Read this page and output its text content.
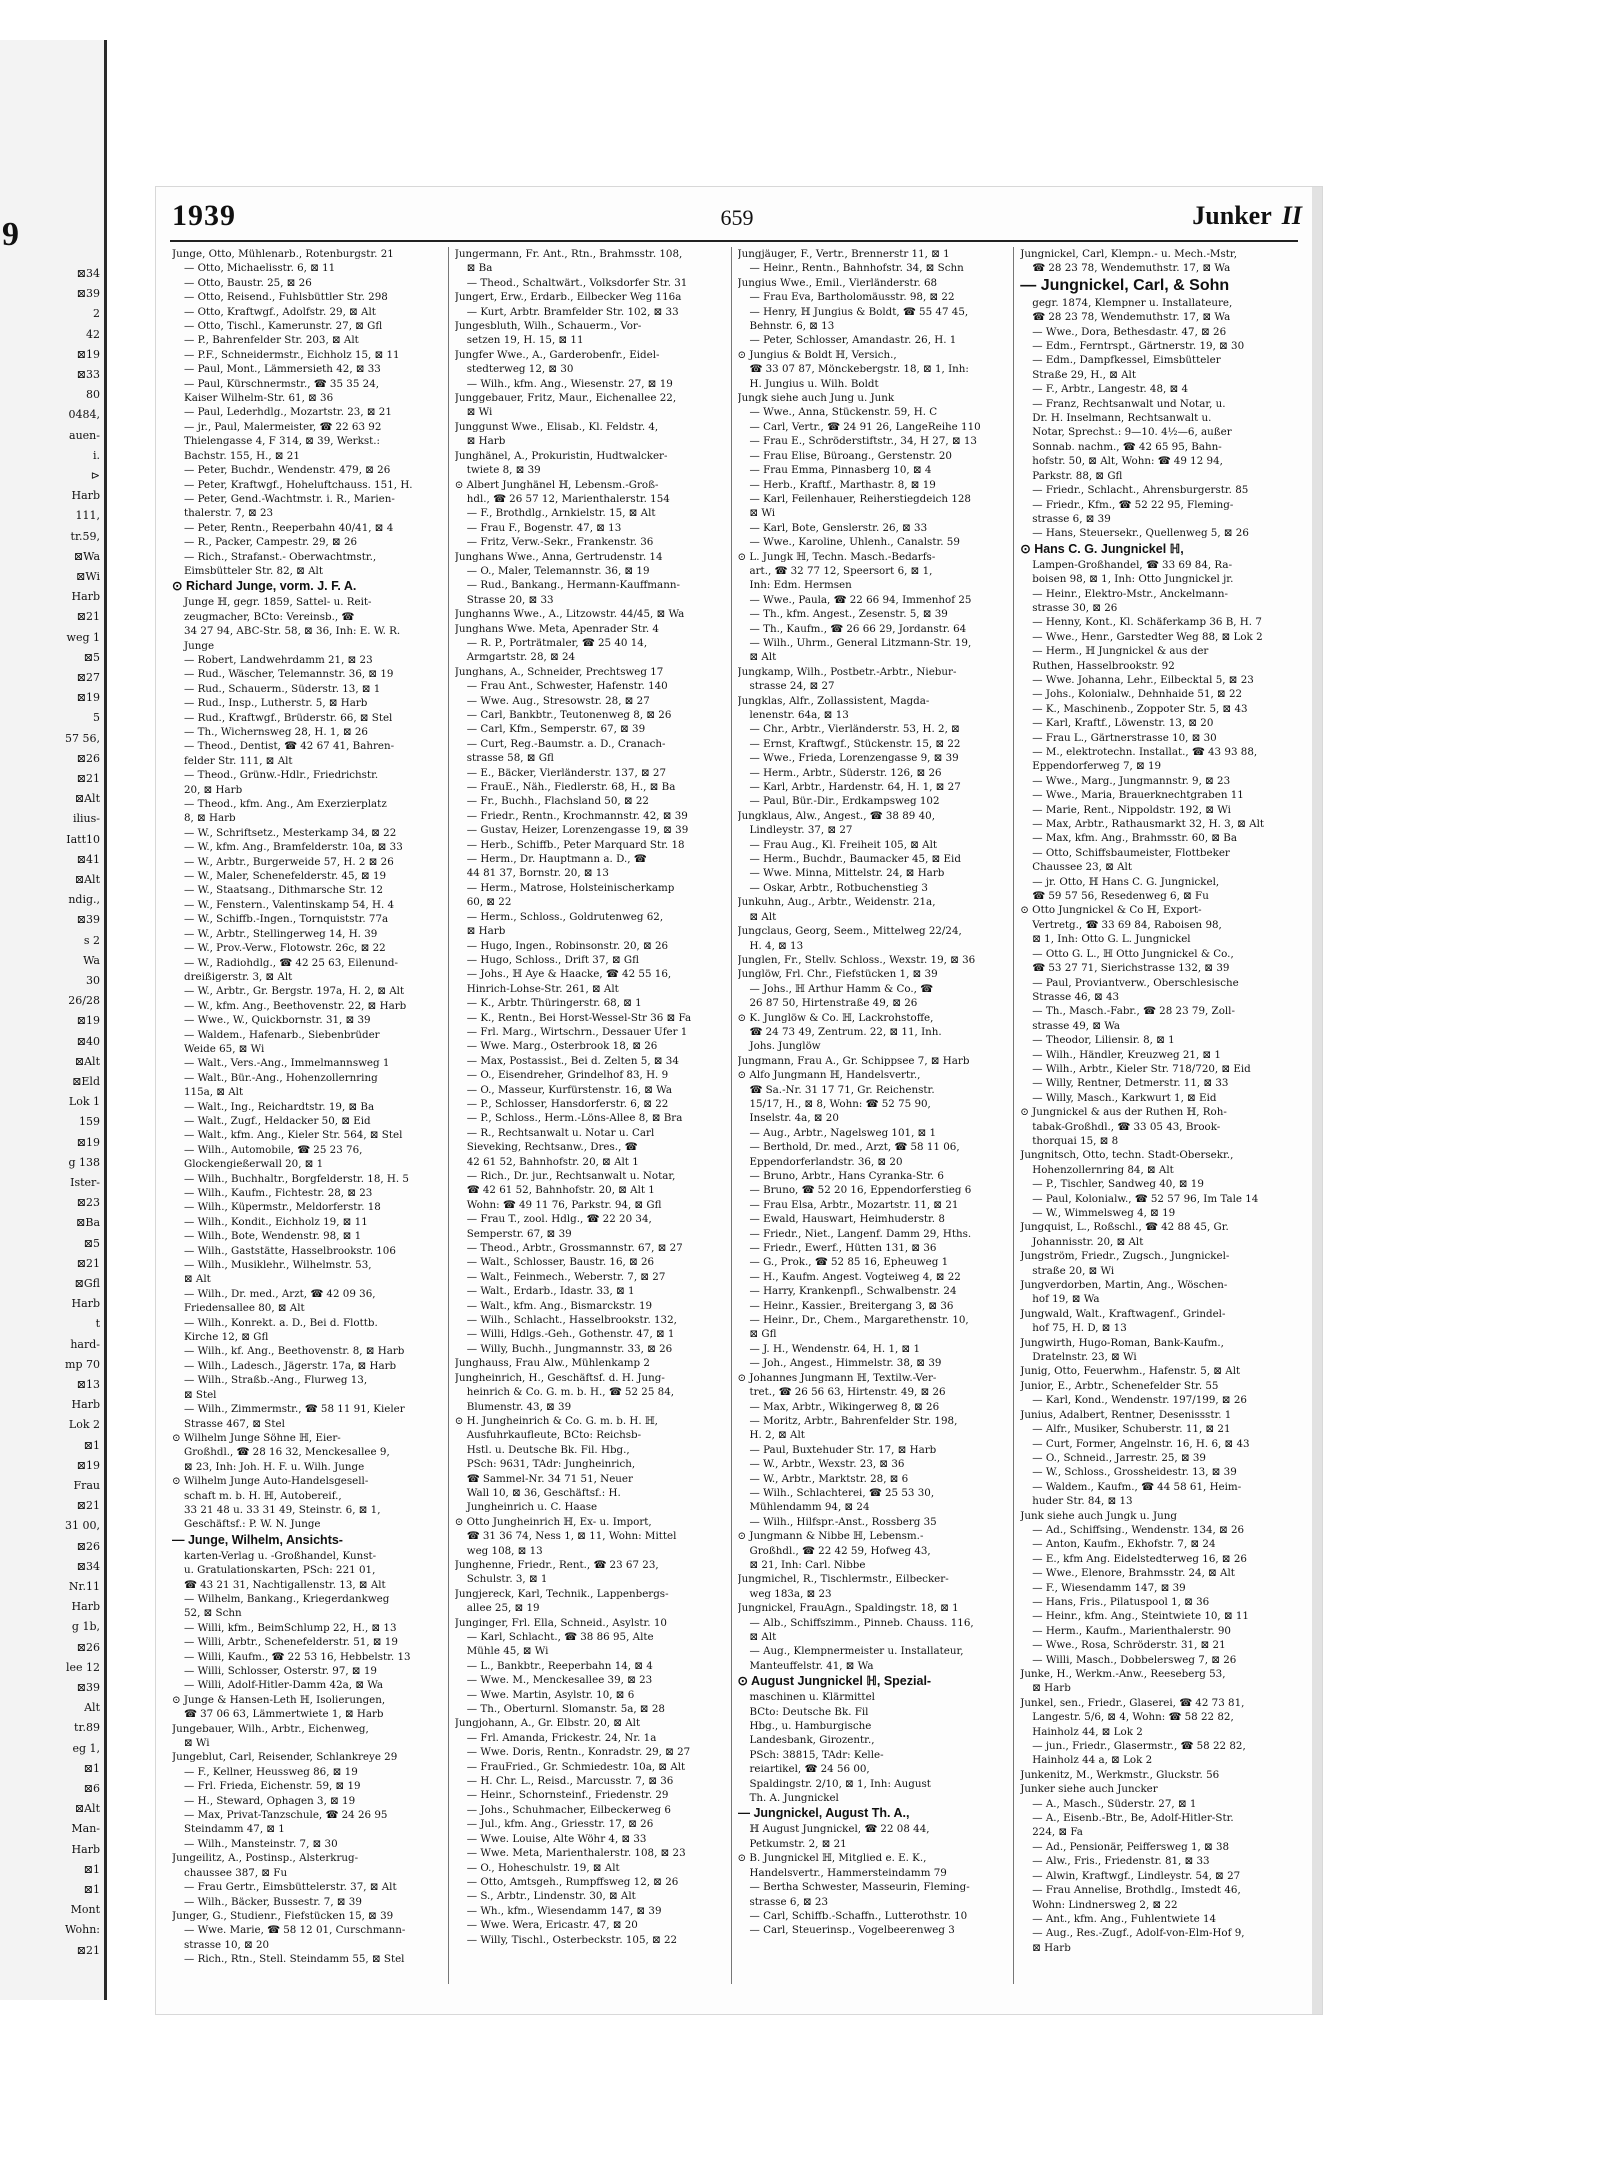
9
⊠34
⊠39
2
42
⊠19
⊠33
80
0484,
auen-
i.
⊳
Harb
111,
tr.59,
⊠Wa
⊠Wi
Harb
⊠21
weg 1
⊠5
⊠27
⊠19
5
57 56,
⊠26
⊠21
⊠Alt
ilius-
Iatt10
⊠41
⊠Alt
ndig.,
⊠39
s 2
Wa
30
26/28
⊠19
⊠40
⊠Alt
⊠Eld
Lok 1
159
⊠19
g 138
Ister-
⊠23
⊠Ba
⊠5
⊠21
⊠Gfl
Harb
t
hard-
mp 70
⊠13
Harb
Lok 2
⊠1
⊠19
Frau
⊠21
31 00,
⊠26
⊠34
Nr.11
Harb
g 1b,
⊠26
lee 12
⊠39
Alt
tr.89
eg 1,
⊠1
⊠6
⊠Alt
Man-
Harb
⊠1
⊠1
Mont
Wohn:
⊠21
1939	659	Junker II
Junge, Otto, Mühlenarb., Rotenburgstr. 21
— Otto, Michaelisstr. 6, ⊠ 11
— Otto, Baustr. 25, ⊠ 26
— Otto, Reisend., Fuhlsbüttler Str. 298
— Otto, Kraftwgf., Adolfstr. 29, ⊠ Alt
— Otto, Tischl., Kamerunstr. 27, ⊠ Gfl
— P., Bahrenfelder Str. 203, ⊠ Alt
— P.F., Schneidermstr., Eichholz 15, ⊠ 11
— Paul, Mont., Lämmersieth 42, ⊠ 33
— Paul, Kürschnermstr., ☎ 35 35 24,
Kaiser Wilhelm-Str. 61, ⊠ 36
— Paul, Lederhdlg., Mozartstr. 23, ⊠ 21
— jr., Paul, Malermeister, ☎ 22 63 92
Thielengasse 4, F 314, ⊠ 39, Werkst.:
Bachstr. 155, H., ⊠ 21
— Peter, Buchdr., Wendenstr. 479, ⊠ 26
— Peter, Kraftwgf., Hoheluftchauss. 151, H.
— Peter, Gend.-Wachtmstr. i. R., Marien-
thalerstr. 7, ⊠ 23
— Peter, Rentn., Reeperbahn 40/41, ⊠ 4
— R., Packer, Campestr. 29, ⊠ 26
— Rich., Strafanst.- Oberwachtmstr.,
Eimsbütteler Str. 82, ⊠ Alt
⊙ Richard Junge, vorm. J. F. A.
Junge ℍ, gegr. 1859, Sattel- u. Reit-
zeugmacher, BCto: Vereinsb., ☎
34 27 94, ABC-Str. 58, ⊠ 36, Inh: E. W. R.
Junge
— Robert, Landwehrdamm 21, ⊠ 23
— Rud., Wäscher, Telemannstr. 36, ⊠ 19
— Rud., Schauerm., Süderstr. 13, ⊠ 1
— Rud., Insp., Lutherstr. 5, ⊠ Harb
— Rud., Kraftwgf., Brüderstr. 66, ⊠ Stel
— Th., Wichernsweg 28, H. 1, ⊠ 26
— Theod., Dentist, ☎ 42 67 41, Bahren-
felder Str. 111, ⊠ Alt
— Theod., Grünw.-Hdlr., Friedrichstr.
20, ⊠ Harb
— Theod., kfm. Ang., Am Exerzierplatz
8, ⊠ Harb
— W., Schriftsetz., Mesterkamp 34, ⊠ 22
— W., kfm. Ang., Bramfelderstr. 10a, ⊠ 33
— W., Arbtr., Burgerweide 57, H. 2 ⊠ 26
— W., Maler, Schenefelderstr. 45, ⊠ 19
— W., Staatsang., Dithmarsche Str. 12
— W., Fenstern., Valentinskamp 54, H. 4
— W., Schiffb.-Ingen., Tornquiststr. 77a
— W., Arbtr., Stellingerweg 14, H. 39
— W., Prov.-Verw., Flotowstr. 26c, ⊠ 22
— W., Radiohdlg., ☎ 42 25 63, Eilenund-
dreißigerstr. 3, ⊠ Alt
— W., Arbtr., Gr. Bergstr. 197a, H. 2, ⊠ Alt
— W., kfm. Ang., Beethovenstr. 22, ⊠ Harb
— Wwe., W., Quickbornstr. 31, ⊠ 39
— Waldem., Hafenarb., Siebenbrüder
Weide 65, ⊠ Wi
— Walt., Vers.-Ang., Immelmannsweg 1
— Walt., Bür.-Ang., Hohenzollernring
115a, ⊠ Alt
— Walt., Ing., Reichardtstr. 19, ⊠ Ba
— Walt., Zugf., Heldacker 50, ⊠ Eid
— Walt., kfm. Ang., Kieler Str. 564, ⊠ Stel
— Wilh., Automobile, ☎ 25 23 76,
Glockengießerwall 20, ⊠ 1
— Wilh., Buchhaltr., Borgfelderstr. 18, H. 5
— Wilh., Kaufm., Fichtestr. 28, ⊠ 23
— Wilh., Küpermstr., Meldorferstr. 18
— Wilh., Kondit., Eichholz 19, ⊠ 11
— Wilh., Bote, Wendenstr. 98, ⊠ 1
— Wilh., Gaststätte, Hasselbrookstr. 106
— Wilh., Musiklehr., Wilhelmstr. 53,
⊠ Alt
— Wilh., Dr. med., Arzt, ☎ 42 09 36,
Friedensallee 80, ⊠ Alt
— Wilh., Konrekt. a. D., Bei d. Flottb.
Kirche 12, ⊠ Gfl
— Wilh., kf. Ang., Beethovenstr. 8, ⊠ Harb
— Wilh., Ladesch., Jägerstr. 17a, ⊠ Harb
— Wilh., Straßb.-Ang., Flurweg 13,
⊠ Stel
— Wilh., Zimmermstr., ☎ 58 11 91, Kieler
Strasse 467, ⊠ Stel
⊙ Wilhelm Junge Söhne ℍ, Eier-
Großhdl., ☎ 28 16 32, Menckesallee 9,
⊠ 23, Inh: Joh. H. F. u. Wilh. Junge
⊙ Wilhelm Junge Auto-Handelsgesell-
schaft m. b. H. ℍ, Autobereif.,
33 21 48 u. 33 31 49, Steinstr. 6, ⊠ 1,
Geschäftsf.: P. W. N. Junge
— Junge, Wilhelm, Ansichts-
karten-Verlag u. -Großhandel, Kunst-
u. Gratulationskarten, PSch: 221 01,
☎ 43 21 31, Nachtigallenstr. 13, ⊠ Alt
— Wilhelm, Bankang., Kriegerdankweg
52, ⊠ Schn
— Willi, kfm., BeimSchlump 22, H., ⊠ 13
— Willi, Arbtr., Schenefelderstr. 51, ⊠ 19
— Willi, Kaufm., ☎ 22 53 16, Hebbelstr. 13
— Willi, Schlosser, Osterstr. 97, ⊠ 19
— Willi, Adolf-Hitler-Damm 42a, ⊠ Wa
⊙ Junge & Hansen-Leth ℍ, Isolierungen,
☎ 37 06 63, Lämmertwiete 1, ⊠ Harb
Jungebauer, Wilh., Arbtr., Eichenweg,
⊠ Wi
Jungeblut, Carl, Reisender, Schlankreye 29
— F., Kellner, Heussweg 86, ⊠ 19
— Frl. Frieda, Eichenstr. 59, ⊠ 19
— H., Steward, Ophagen 3, ⊠ 19
— Max, Privat-Tanzschule, ☎ 24 26 95
Steindamm 47, ⊠ 1
— Wilh., Mansteinstr. 7, ⊠ 30
Jungeilitz, A., Postinsp., Alsterkrug-
chaussee 387, ⊠ Fu
— Frau Gertr., Eimsbüttelerstr. 37, ⊠ Alt
— Wilh., Bäcker, Bussestr. 7, ⊠ 39
Junger, G., Studienr., Fiefstücken 15, ⊠ 39
— Wwe. Marie, ☎ 58 12 01, Curschmann-
strasse 10, ⊠ 20
— Rich., Rtn., Stell. Steindamm 55, ⊠ Stel
Jungermann, Fr. Ant., Rtn., Brahmsstr. 108,
⊠ Ba
— Theod., Schaltwärt., Volksdorfer Str. 31
Jungert, Erw., Erdarb., Eilbecker Weg 116a
— Kurt, Arbtr. Bramfelder Str. 102, ⊠ 33
Jungesbluth, Wilh., Schauerm., Vor-
setzen 19, H. 15, ⊠ 11
Jungfer Wwe., A., Garderobenfr., Eidel-
stedterweg 12, ⊠ 30
— Wilh., kfm. Ang., Wiesenstr. 27, ⊠ 19
Junggebauer, Fritz, Maur., Eichenallee 22,
⊠ Wi
Junggunst Wwe., Elisab., Kl. Feldstr. 4,
⊠ Harb
Junghänel, A., Prokuristin, Hudtwalcker-
twiete 8, ⊠ 39
⊙ Albert Junghänel ℍ, Lebensm.-Groß-
hdl., ☎ 26 57 12, Marienthalerstr. 154
— F., Brothdlg., Arnkielstr. 15, ⊠ Alt
— Frau F., Bogenstr. 47, ⊠ 13
— Fritz, Verw.-Sekr., Frankenstr. 36
Junghans Wwe., Anna, Gertrudenstr. 14
— O., Maler, Telemannstr. 36, ⊠ 19
— Rud., Bankang., Hermann-Kauffmann-
Strasse 20, ⊠ 33
Junghanns Wwe., A., Litzowstr. 44/45, ⊠ Wa
Junghans Wwe. Meta, Apenrader Str. 4
— R. P., Porträtmaler, ☎ 25 40 14,
Armgartstr. 28, ⊠ 24
Junghans, A., Schneider, Prechtsweg 17
— Frau Ant., Schwester, Hafenstr. 140
— Wwe. Aug., Stresowstr. 28, ⊠ 27
— Carl, Bankbtr., Teutonenweg 8, ⊠ 26
— Carl, Kfm., Semperstr. 67, ⊠ 39
— Curt, Reg.-Baumstr. a. D., Cranach-
strasse 58, ⊠ Gfl
— E., Bäcker, Vierländerstr. 137, ⊠ 27
— FrauE., Näh., Fiedlerstr. 68, H., ⊠ Ba
— Fr., Buchh., Flachsland 50, ⊠ 22
— Friedr., Rentn., Krochmannstr. 42, ⊠ 39
— Gustav, Heizer, Lorenzengasse 19, ⊠ 39
— Herb., Schiffb., Peter Marquard Str. 18
— Herm., Dr. Hauptmann a. D., ☎
44 81 37, Bornstr. 20, ⊠ 13
— Herm., Matrose, Holsteinischerkamp
60, ⊠ 22
— Herm., Schloss., Goldrutenweg 62,
⊠ Harb
— Hugo, Ingen., Robinsonstr. 20, ⊠ 26
— Hugo, Schloss., Drift 37, ⊠ Gfl
— Johs., ℍ Aye & Haacke, ☎ 42 55 16,
Hinrich-Lohse-Str. 261, ⊠ Alt
— K., Arbtr. Thüringerstr. 68, ⊠ 1
— K., Rentn., Bei Horst-Wessel-Str 36 ⊠ Fa
— Frl. Marg., Wirtschrn., Dessauer Ufer 1
— Wwe. Marg., Osterbrook 18, ⊠ 26
— Max, Postassist., Bei d. Zelten 5, ⊠ 34
— O., Eisendreher, Grindelhof 83, H. 9
— O., Masseur, Kurfürstenstr. 16, ⊠ Wa
— P., Schlosser, Hansdorferstr. 6, ⊠ 22
— P., Schloss., Herm.-Löns-Allee 8, ⊠ Bra
— R., Rechtsanwalt u. Notar u. Carl
Sieveking, Rechtsanw., Dres., ☎
42 61 52, Bahnhofstr. 20, ⊠ Alt 1
— Rich., Dr. jur., Rechtsanwalt u. Notar,
☎ 42 61 52, Bahnhofstr. 20, ⊠ Alt 1
Wohn: ☎ 49 11 76, Parkstr. 94, ⊠ Gfl
— Frau T., zool. Hdlg., ☎ 22 20 34,
Semperstr. 67, ⊠ 39
— Theod., Arbtr., Grossmannstr. 67, ⊠ 27
— Walt., Schlosser, Baustr. 16, ⊠ 26
— Walt., Feinmech., Weberstr. 7, ⊠ 27
— Walt., Erdarb., Idastr. 33, ⊠ 1
— Walt., kfm. Ang., Bismarckstr. 19
— Wilh., Schlacht., Hasselbrookstr. 132,
— Willi, Hdlgs.-Geh., Gothenstr. 47, ⊠ 1
— Willy, Buchh., Jungmannstr. 33, ⊠ 26
Junghauss, Frau Alw., Mühlenkamp 2
Jungheinrich, H., Geschäftsf. d. H. Jung-
heinrich & Co. G. m. b. H., ☎ 52 25 84,
Blumenstr. 43, ⊠ 39
⊙ H. Jungheinrich & Co. G. m. b. H. ℍ,
Ausfuhrkaufleute, BCto: Reichsb-
Hstl. u. Deutsche Bk. Fil. Hbg.,
PSch: 9631, TAdr: Jungheinrich,
☎ Sammel-Nr. 34 71 51, Neuer
Wall 10, ⊠ 36, Geschäftsf.: H.
Jungheinrich u. C. Haase
⊙ Otto Jungheinrich ℍ, Ex- u. Import,
☎ 31 36 74, Ness 1, ⊠ 11, Wohn: Mittel
weg 108, ⊠ 13
Junghenne, Friedr., Rent., ☎ 23 67 23,
Schulstr. 3, ⊠ 1
Jungjereck, Karl, Technik., Lappenbergs-
allee 25, ⊠ 19
Junginger, Frl. Ella, Schneid., Asylstr. 10
— Karl, Schlacht., ☎ 38 86 95, Alte
Mühle 45, ⊠ Wi
— L., Bankbtr., Reeperbahn 14, ⊠ 4
— Wwe. M., Menckesallee 39, ⊠ 23
— Wwe. Martin, Asylstr. 10, ⊠ 6
— Th., Oberturnl. Slomanstr. 5a, ⊠ 28
Jungjohann, A., Gr. Elbstr. 20, ⊠ Alt
— Frl. Amanda, Frickestr. 24, Nr. 1a
— Wwe. Doris, Rentn., Konradstr. 29, ⊠ 27
— FrauFried., Gr. Schmiedestr. 10a, ⊠ Alt
— H. Chr. L., Reisd., Marcusstr. 7, ⊠ 36
— Heinr., Schornsteinf., Friedenstr. 29
— Johs., Schuhmacher, Eilbeckerweg 6
— Jul., kfm. Ang., Griesstr. 17, ⊠ 26
— Wwe. Louise, Alte Wöhr 4, ⊠ 33
— Wwe. Meta, Marienthalerstr. 108, ⊠ 23
— O., Hoheschulstr. 19, ⊠ Alt
— Otto, Amtsgeh., Rumpffsweg 12, ⊠ 26
— S., Arbtr., Lindenstr. 30, ⊠ Alt
— Wh., kfm., Wiesendamm 147, ⊠ 39
— Wwe. Wera, Ericastr. 47, ⊠ 20
— Willy, Tischl., Osterbeckstr. 105, ⊠ 22
Jungjäuger, F., Vertr., Brennerstr 11, ⊠ 1
— Heinr., Rentn., Bahnhofstr. 34, ⊠ Schn
Jungius Wwe., Emil., Vierländerstr. 68
— Frau Eva, Bartholomäusstr. 98, ⊠ 22
— Henry, ℍ Jungius & Boldt, ☎ 55 47 45,
Behnstr. 6, ⊠ 13
— Peter, Schlosser, Amandastr. 26, H. 1
⊙ Jungius & Boldt ℍ, Versich.,
☎ 33 07 87, Mönckebergstr. 18, ⊠ 1, Inh:
H. Jungius u. Wilh. Boldt
Jungk siehe auch Jung u. Junk
— Wwe., Anna, Stückenstr. 59, H. C
— Carl, Vertr., ☎ 24 91 26, LangeReihe 110
— Frau E., Schröderstiftstr., 34, H 27, ⊠ 13
— Frau Elise, Büroang., Gerstenstr. 20
— Frau Emma, Pinnasberg 10, ⊠ 4
— Herb., Kraftf., Marthastr. 8, ⊠ 19
— Karl, Feilenhauer, Reiherstiegdeich 128
⊠ Wi
— Karl, Bote, Genslerstr. 26, ⊠ 33
— Wwe., Karoline, Uhlenh., Canalstr. 59
⊙ L. Jungk ℍ, Techn. Masch.-Bedarfs-
art., ☎ 32 77 12, Speersort 6, ⊠ 1,
Inh: Edm. Hermsen
— Wwe., Paula, ☎ 22 66 94, Immenhof 25
— Th., kfm. Angest., Zesenstr. 5, ⊠ 39
— Th., Kaufm., ☎ 26 66 29, Jordanstr. 64
— Wilh., Uhrm., General Litzmann-Str. 19,
⊠ Alt
Jungkamp, Wilh., Postbetr.-Arbtr., Niebur-
strasse 24, ⊠ 27
Jungklas, Alfr., Zollassistent, Magda-
lenenstr. 64a, ⊠ 13
— Chr., Arbtr., Vierländerstr. 53, H. 2, ⊠
— Ernst, Kraftwgf., Stückenstr. 15, ⊠ 22
— Wwe., Frieda, Lorenzengasse 9, ⊠ 39
— Herm., Arbtr., Süderstr. 126, ⊠ 26
— Karl, Arbtr., Hardenstr. 64, H. 1, ⊠ 27
— Paul, Bür.-Dir., Erdkampsweg 102
Jungklaus, Alw., Angest., ☎ 38 89 40,
Lindleystr. 37, ⊠ 27
— Frau Aug., Kl. Freiheit 105, ⊠ Alt
— Herm., Buchdr., Baumacker 45, ⊠ Eid
— Wwe. Minna, Mittelstr. 24, ⊠ Harb
— Oskar, Arbtr., Rotbuchenstieg 3
Junkuhn, Aug., Arbtr., Weidenstr. 21a,
⊠ Alt
Jungclaus, Georg, Seem., Mittelweg 22/24,
H. 4, ⊠ 13
Junglen, Fr., Stellv. Schloss., Wexstr. 19, ⊠ 36
Junglöw, Frl. Chr., Fiefstücken 1, ⊠ 39
— Johs., ℍ Arthur Hamm & Co., ☎
26 87 50, Hirtenstraße 49, ⊠ 26
⊙ K. Junglöw & Co. ℍ, Lackrohstoffe,
☎ 24 73 49, Zentrum. 22, ⊠ 11, Inh.
Johs. Junglöw
Jungmann, Frau A., Gr. Schippsee 7, ⊠ Harb
⊙ Alfo Jungmann ℍ, Handelsvertr.,
☎ Sa.-Nr. 31 17 71, Gr. Reichenstr.
15/17, H., ⊠ 8, Wohn: ☎ 52 75 90,
Inselstr. 4a, ⊠ 20
— Aug., Arbtr., Nagelsweg 101, ⊠ 1
— Berthold, Dr. med., Arzt, ☎ 58 11 06,
Eppendorferlandstr. 36, ⊠ 20
— Bruno, Arbtr., Hans Cyranka-Str. 6
— Bruno, ☎ 52 20 16, Eppendorferstieg 6
— Frau Elsa, Arbtr., Mozartstr. 11, ⊠ 21
— Ewald, Hauswart, Heimhuderstr. 8
— Friedr., Niet., Langenf. Damm 29, Hths.
— Friedr., Ewerf., Hütten 131, ⊠ 36
— G., Prok., ☎ 52 85 16, Epheuweg 1
— H., Kaufm. Angest. Vogteiweg 4, ⊠ 22
— Harry, Krankenpfl., Schwalbenstr. 24
— Heinr., Kassier., Breitergang 3, ⊠ 36
— Heinr., Dr., Chem., Margarethenstr. 10,
⊠ Gfl
— J. H., Wendenstr. 64, H. 1, ⊠ 1
— Joh., Angest., Himmelstr. 38, ⊠ 39
⊙ Johannes Jungmann ℍ, Textilw.-Ver-
tret., ☎ 26 56 63, Hirtenstr. 49, ⊠ 26
— Max, Arbtr., Wikingerweg 8, ⊠ 26
— Moritz, Arbtr., Bahrenfelder Str. 198,
H. 2, ⊠ Alt
— Paul, Buxtehuder Str. 17, ⊠ Harb
— W., Arbtr., Wexstr. 23, ⊠ 36
— W., Arbtr., Marktstr. 28, ⊠ 6
— Wilh., Schlachterei, ☎ 25 53 30,
Mühlendamm 94, ⊠ 24
— Wilh., Hilfspr.-Anst., Rossberg 35
⊙ Jungmann & Nibbe ℍ, Lebensm.-
Großhdl., ☎ 22 42 59, Hofweg 43,
⊠ 21, Inh: Carl. Nibbe
Jungmichel, R., Tischlermstr., Eilbecker-
weg 183a, ⊠ 23
Jungnickel, FrauAgn., Spaldingstr. 18, ⊠ 1
— Alb., Schiffszimm., Pinneb. Chauss. 116,
⊠ Alt
— Aug., Klempnermeister u. Installateur,
Manteuffelstr. 41, ⊠ Wa
⊙ August Jungnickel ℍ, Spezial-
maschinen u. Klärmittel
BCto: Deutsche Bk. Fil
Hbg., u. Hamburgische
Landesbank, Girozentr.,
PSch: 38815, TAdr: Kelle-
reiartikel, ☎ 24 56 00,
Spaldingstr. 2/10, ⊠ 1, Inh: August
Th. A. Jungnickel
— Jungnickel, August Th. A.,
ℍ August Jungnickel, ☎ 22 08 44,
Petkumstr. 2, ⊠ 21
⊙ B. Jungnickel ℍ, Mitglied e. E. K.,
Handelsvertr., Hammersteindamm 79
— Bertha Schwester, Masseurin, Fleming-
strasse 6, ⊠ 23
— Carl, Schiffb.-Schaffn., Lutterothstr. 10
— Carl, Steuerinsp., Vogelbeerenweg 3
Jungnickel, Carl, Klempn.- u. Mech.-Mstr,
☎ 28 23 78, Wendemuthstr. 17, ⊠ Wa
— Jungnickel, Carl, & Sohn
gegr. 1874, Klempner u. Installateure,
☎ 28 23 78, Wendemuthstr. 17, ⊠ Wa
— Wwe., Dora, Bethesdastr. 47, ⊠ 26
— Edm., Ferntrspt., Gärtnerstr. 19, ⊠ 30
— Edm., Dampfkessel, Eimsbütteler
Straße 29, H., ⊠ Alt
— F., Arbtr., Langestr. 48, ⊠ 4
— Franz, Rechtsanwalt und Notar, u.
Dr. H. Inselmann, Rechtsanwalt u.
Notar, Sprechst.: 9—10. 4½—6, außer
Sonnab. nachm., ☎ 42 65 95, Bahn-
hofstr. 50, ⊠ Alt, Wohn: ☎ 49 12 94,
Parkstr. 88, ⊠ Gfl
— Friedr., Schlacht., Ahrensburgerstr. 85
— Friedr., Kfm., ☎ 52 22 95, Fleming-
strasse 6, ⊠ 39
— Hans, Steuersekr., Quellenweg 5, ⊠ 26
⊙ Hans C. G. Jungnickel ℍ,
Lampen-Großhandel, ☎ 33 69 84, Ra-
boisen 98, ⊠ 1, Inh: Otto Jungnickel jr.
— Heinr., Elektro-Mstr., Anckelmann-
strasse 30, ⊠ 26
— Henny, Kont., Kl. Schäferkamp 36 B, H. 7
— Wwe., Henr., Garstedter Weg 88, ⊠ Lok 2
— Herm., ℍ Jungnickel & aus der
Ruthen, Hasselbrookstr. 92
— Wwe. Johanna, Lehr., Eilbecktal 5, ⊠ 23
— Johs., Kolonialw., Dehnhaide 51, ⊠ 22
— K., Maschinenb., Zoppoter Str. 5, ⊠ 43
— Karl, Kraftf., Löwenstr. 13, ⊠ 20
— Frau L., Gärtnerstrasse 10, ⊠ 30
— M., elektrotechn. Installat., ☎ 43 93 88,
Eppendorferweg 7, ⊠ 19
— Wwe., Marg., Jungmannstr. 9, ⊠ 23
— Wwe., Maria, Brauerknechtgraben 11
— Marie, Rent., Nippoldstr. 192, ⊠ Wi
— Max, Arbtr., Rathausmarkt 32, H. 3, ⊠ Alt
— Max, kfm. Ang., Brahmsstr. 60, ⊠ Ba
— Otto, Schiffsbaumeister, Flottbeker
Chaussee 23, ⊠ Alt
— jr. Otto, ℍ Hans C. G. Jungnickel,
☎ 59 57 56, Resedenweg 6, ⊠ Fu
⊙ Otto Jungnickel & Co ℍ, Export-
Vertretg., ☎ 33 69 84, Raboisen 98,
⊠ 1, Inh: Otto G. L. Jungnickel
— Otto G. L., ℍ Otto Jungnickel & Co.,
☎ 53 27 71, Sierichstrasse 132, ⊠ 39
— Paul, Proviantverw., Oberschlesische
Strasse 46, ⊠ 43
— Th., Masch.-Fabr., ☎ 28 23 79, Zoll-
strasse 49, ⊠ Wa
— Theodor, Liliensir. 8, ⊠ 1
— Wilh., Händler, Kreuzweg 21, ⊠ 1
— Wilh., Arbtr., Kieler Str. 718/720, ⊠ Eid
— Willy, Rentner, Detmerstr. 11, ⊠ 33
— Willy, Masch., Karkwurt 1, ⊠ Eid
⊙ Jungnickel & aus der Ruthen ℍ, Roh-
tabak-Großhdl., ☎ 33 05 43, Brook-
thorquai 15, ⊠ 8
Jungnitsch, Otto, techn. Stadt-Obersekr.,
Hohenzollernring 84, ⊠ Alt
— P., Tischler, Sandweg 40, ⊠ 19
— Paul, Kolonialw., ☎ 52 57 96, Im Tale 14
— W., Wimmelsweg 4, ⊠ 19
Jungquist, L., Roßschl., ☎ 42 88 45, Gr.
Johannisstr. 20, ⊠ Alt
Jungström, Friedr., Zugsch., Jungnickel-
straße 20, ⊠ Wi
Jungverdorben, Martin, Ang., Wöschen-
hof 19, ⊠ Wa
Jungwald, Walt., Kraftwagenf., Grindel-
hof 75, H. D, ⊠ 13
Jungwirth, Hugo-Roman, Bank-Kaufm.,
Dratelnstr. 23, ⊠ Wi
Junig, Otto, Feuerwhm., Hafenstr. 5, ⊠ Alt
Junior, E., Arbtr., Schenefelder Str. 55
— Karl, Kond., Wendenstr. 197/199, ⊠ 26
Junius, Adalbert, Rentner, Desenissstr. 1
— Alfr., Musiker, Schuberstr. 11, ⊠ 21
— Curt, Former, Angelnstr. 16, H. 6, ⊠ 43
— O., Schneid., Jarrestr. 25, ⊠ 39
— W., Schloss., Grossheidestr. 13, ⊠ 39
— Waldem., Kaufm., ☎ 44 58 61, Heim-
huder Str. 84, ⊠ 13
Junk siehe auch Jungk u. Jung
— Ad., Schiffsing., Wendenstr. 134, ⊠ 26
— Anton, Kaufm., Ekhofstr. 7, ⊠ 24
— E., kfm Ang. Eidelstedterweg 16, ⊠ 26
— Wwe., Elenore, Brahmsstr. 24, ⊠ Alt
— F., Wiesendamm 147, ⊠ 39
— Hans, Fris., Pilatuspool 1, ⊠ 36
— Heinr., kfm. Ang., Steintwiete 10, ⊠ 11
— Herm., Kaufm., Marienthalerstr. 90
— Wwe., Rosa, Schröderstr. 31, ⊠ 21
— Willi, Masch., Dobbelersweg 7, ⊠ 26
Junke, H., Werkm.-Anw., Reeseberg 53,
⊠ Harb
Junkel, sen., Friedr., Glaserei, ☎ 42 73 81,
Langestr. 5/6, ⊠ 4, Wohn: ☎ 58 22 82,
Hainholz 44, ⊠ Lok 2
— jun., Friedr., Glasermstr., ☎ 58 22 82,
Hainholz 44 a, ⊠ Lok 2
Junkenitz, M., Werkmstr., Gluckstr. 56
Junker siehe auch Juncker
— A., Masch., Süderstr. 27, ⊠ 1
— A., Eisenb.-Btr., Be, Adolf-Hitler-Str.
224, ⊠ Fa
— Ad., Pensionär, Peiffersweg 1, ⊠ 38
— Alw., Fris., Friedenstr. 81, ⊠ 33
— Alwin, Kraftwgf., Lindleystr. 54, ⊠ 27
— Frau Annelise, Brothdlg., Imstedt 46,
Wohn: Lindnersweg 2, ⊠ 22
— Ant., kfm. Ang., Fuhlentwiete 14
— Aug., Res.-Zugf., Adolf-von-Elm-Hof 9,
⊠ Harb
